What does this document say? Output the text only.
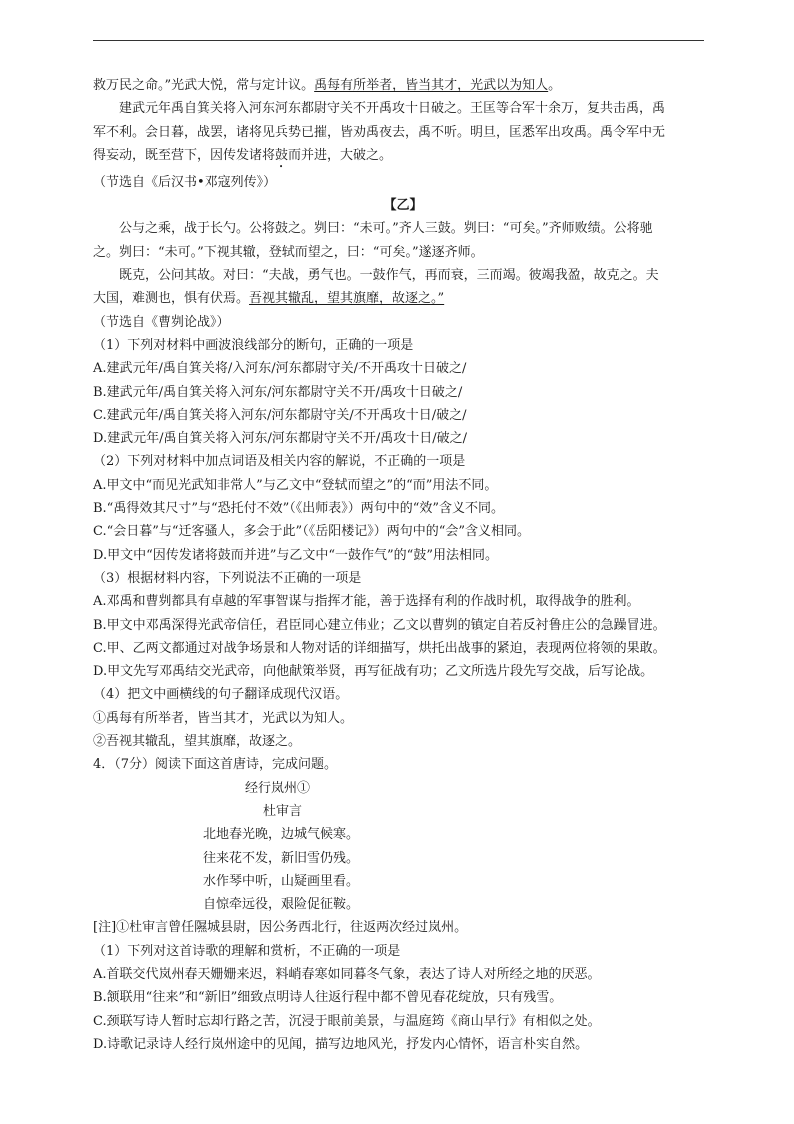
救万民之命。”光武大悦，常与定计议。禹每有所举者，皆当其才，光武以为知人。

建武元年禹自箕关将入河东河东都尉守关不开禹攻十日破之。王匡等合军十余万，复共击禹，禹

军不利。会日暮，战罢，诸将见兵势已摧，皆劝禹夜去，禹不听。明旦，匡悉军出攻禹。禹令军中无

得妄动，既至营下，因传发诸将鼓而并进，大破之。

（节选自《后汉书•邓寇列传》）

【乙】

公与之乘，战于长勺。公将鼓之。刿曰：“未可。”齐人三鼓。刿曰：“可矣。”齐师败绩。公将驰

之。刿曰：“未可。”下视其辙，登轼而望之，曰：“可矣。”遂逐齐师。

既克，公问其故。对曰：“夫战，勇气也。一鼓作气，再而衰，三而竭。彼竭我盈，故克之。夫

大国，难测也，惧有伏焉。吾视其辙乱，望其旗靡，故逐之。”

（节选自《曹刿论战》）

（1）下列对材料中画波浪线部分的断句，正确的一项是

A.建武元年/禹自箕关将/入河东/河东都尉守关/不开禹攻十日破之/

B.建武元年/禹自箕关将入河东/河东都尉守关不开/禹攻十日破之/

C.建武元年/禹自箕关将入河东/河东都尉守关/不开禹攻十日/破之/

D.建武元年/禹自箕关将入河东/河东都尉守关不开/禹攻十日/破之/

（2）下列对材料中加点词语及相关内容的解说，不正确的一项是

A.甲文中“而见光武知非常人”与乙文中“登轼而望之”的“而”用法不同。

B.“禹得效其尺寸”与“恐托付不效”（《出师表》）两句中的“效”含义不同。

C.“会日暮”与“迁客骚人，多会于此”（《岳阳楼记》）两句中的“会”含义相同。

D.甲文中“因传发诸将鼓而并进”与乙文中“一鼓作气”的“鼓”用法相同。

（3）根据材料内容，下列说法不正确的一项是

A.邓禹和曹刿都具有卓越的军事智谋与指挥才能，善于选择有利的作战时机，取得战争的胜利。

B.甲文中邓禹深得光武帝信任，君臣同心建立伟业；乙文以曹刿的镇定自若反衬鲁庄公的急躁冒进。

C.甲、乙两文都通过对战争场景和人物对话的详细描写，烘托出战事的紧迫，表现两位将领的果敢。

D.甲文先写邓禹结交光武帝，向他献策举贤，再写征战有功；乙文所选片段先写交战，后写论战。

（4）把文中画横线的句子翻译成现代汉语。

①禹每有所举者，皆当其才，光武以为知人。

②吾视其辙乱，望其旗靡，故逐之。

4．（7分）阅读下面这首唐诗，完成问题。

经行岚州①

杜审言

北地春光晚，边城气候寒。

往来花不发，新旧雪仍残。

水作琴中听，山疑画里看。

自惊牵远役，艰险促征鞍。

[注]①杜审言曾任隰城县尉，因公务西北行，往返两次经过岚州。

（1）下列对这首诗歌的理解和赏析，不正确的一项是

A.首联交代岚州春天姗姗来迟，料峭春寒如同暮冬气象，表达了诗人对所经之地的厌恶。

B.颔联用“往来”和“新旧”细致点明诗人往返行程中都不曾见春花绽放，只有残雪。

C.颈联写诗人暂时忘却行路之苦，沉浸于眼前美景，与温庭筠《商山早行》有相似之处。

D.诗歌记录诗人经行岚州途中的见闻，描写边地风光，抒发内心情怀，语言朴实自然。
